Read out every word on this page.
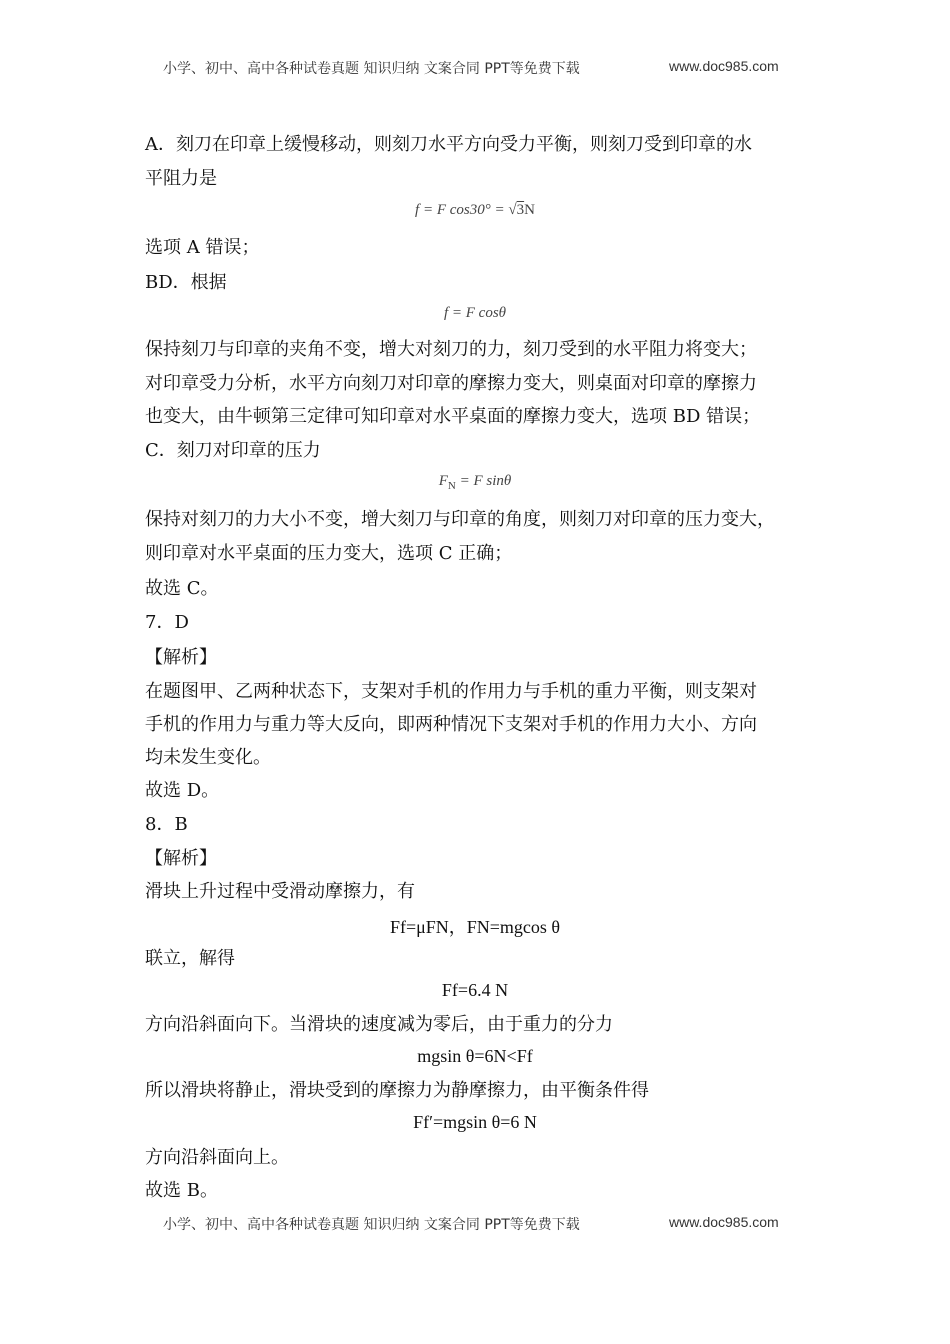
小学、初中、高中各种试卷真题 知识归纳 文案合同 PPT等免费下载	www.doc985.com
A．刻刀在印章上缓慢移动，则刻刀水平方向受力平衡，则刻刀受到印章的水
平阻力是
f = F cos30° = √3N
选项 A 错误；
BD．根据
f = F cosθ
保持刻刀与印章的夹角不变，增大对刻刀的力，刻刀受到的水平阻力将变大；
对印章受力分析，水平方向刻刀对印章的摩擦力变大，则桌面对印章的摩擦力
也变大，由牛顿第三定律可知印章对水平桌面的摩擦力变大，选项 BD 错误；
C．刻刀对印章的压力
$F_N = F$ sinθ
保持对刻刀的力大小不变，增大刻刀与印章的角度，则刻刀对印章的压力变大，
则印章对水平桌面的压力变大，选项 C 正确；
故选 C。
7．D
【解析】
在题图甲、乙两种状态下，支架对手机的作用力与手机的重力平衡，则支架对
手机的作用力与重力等大反向，即两种情况下支架对手机的作用力大小、方向
均未发生变化。
故选 D。
8．B
【解析】
滑块上升过程中受滑动摩擦力，有
Ff=μFN，FN=mgcos θ
联立，解得
Ff=6.4 N
方向沿斜面向下。当滑块的速度减为零后，由于重力的分力
mgsin θ=6N<Ff
所以滑块将静止，滑块受到的摩擦力为静摩擦力，由平衡条件得
Ff′=mgsin θ=6 N
方向沿斜面向上。
故选 B。
小学、初中、高中各种试卷真题 知识归纳 文案合同 PPT等免费下载	www.doc985.com
